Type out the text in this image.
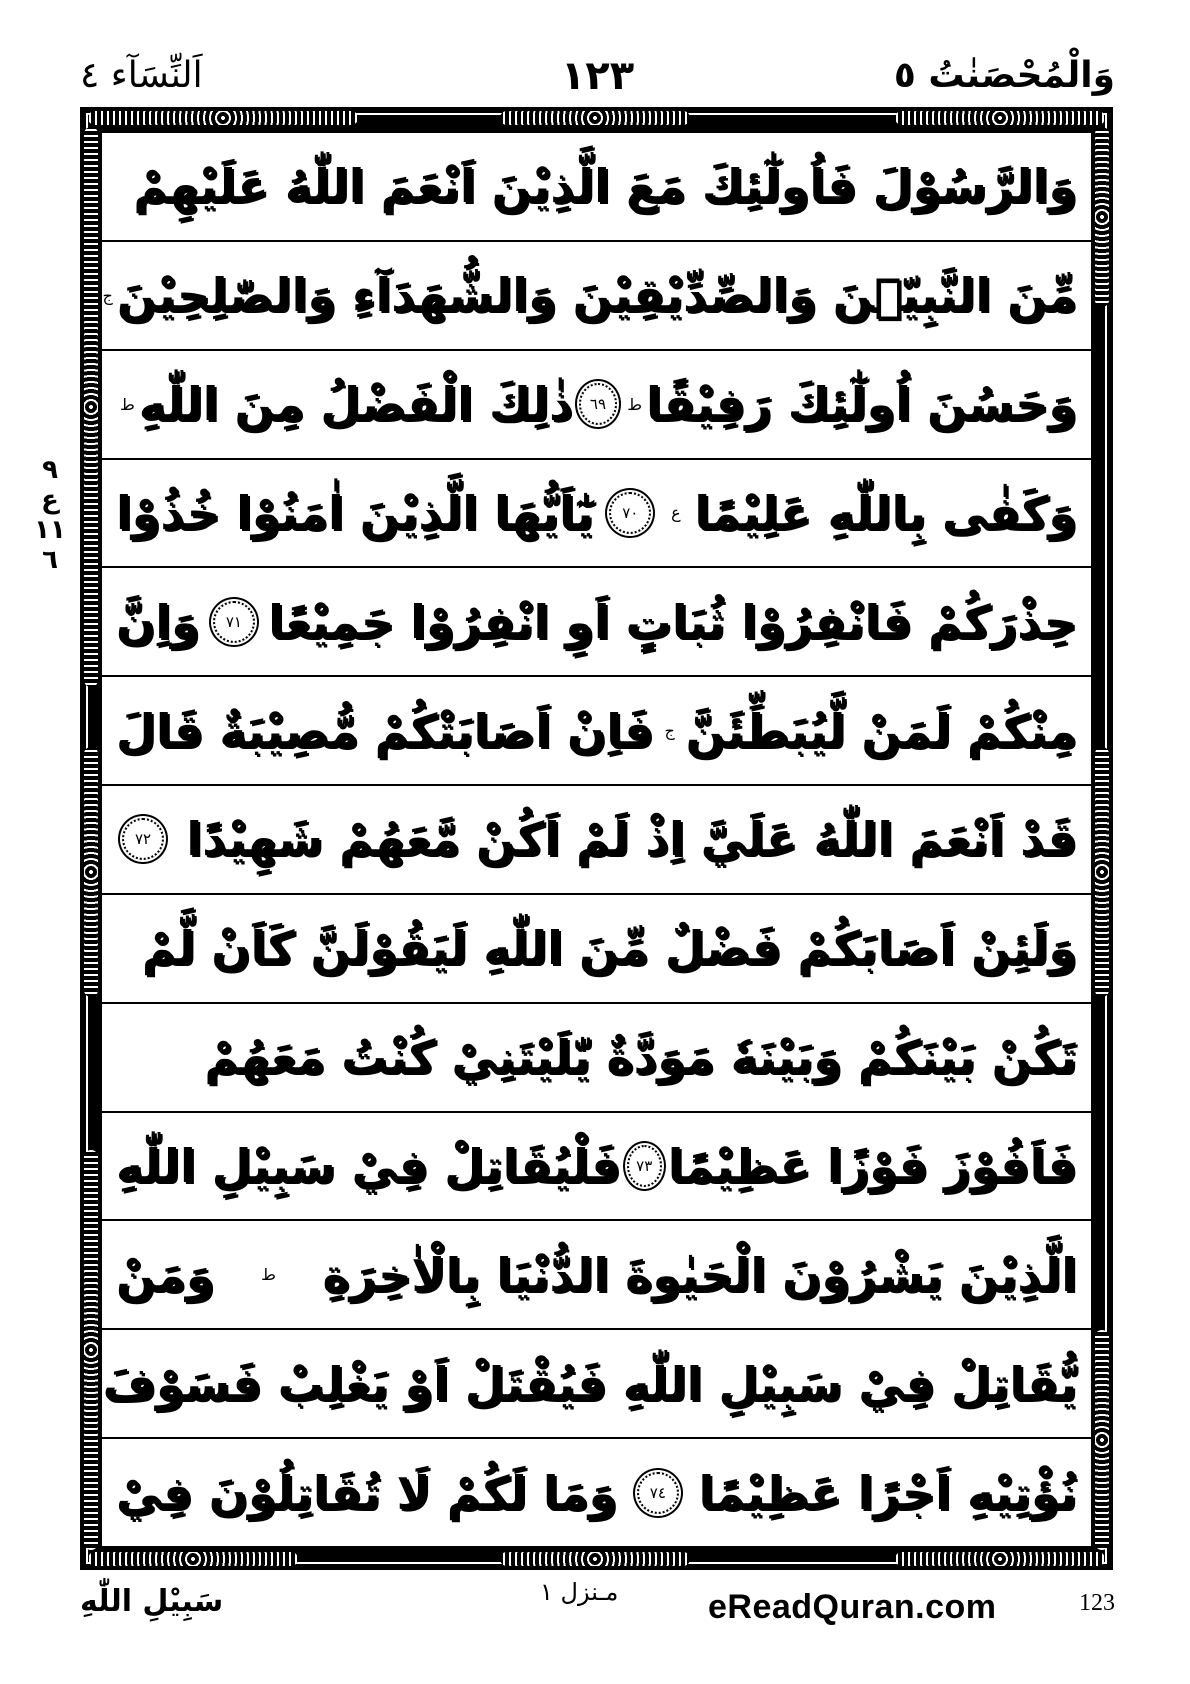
اَلنِّسَآء ٤	١٢٣	وَالْمُحْصَنٰتُ ٥
٩
ع
١١
٦
وَالرَّسُوْلَ فَاُولٰٓئِكَ مَعَ الَّذِيْنَ اَنْعَمَ اللّٰهُ عَلَيْهِمْ
مِّنَ النَّبِيّٖنَ وَالصِّدِّيْقِيْنَ وَالشُّهَدَآءِ وَالصّٰلِحِيْنَ
ج
وَحَسُنَ اُولٰٓئِكَ رَفِيْقًا
ط
٦٩
ذٰلِكَ الْفَضْلُ مِنَ اللّٰهِ
ط
وَكَفٰى بِاللّٰهِ عَلِيْمًا
ع
٧٠
يٰٓاَيُّهَا الَّذِيْنَ اٰمَنُوْا خُذُوْا
حِذْرَكُمْ فَانْفِرُوْا ثُبَاتٍ اَوِ انْفِرُوْا جَمِيْعًا
٧١
وَاِنَّ
مِنْكُمْ لَمَنْ لَّيُبَطِّئَنَّ
ج
فَاِنْ اَصَابَتْكُمْ مُّصِيْبَةٌ قَالَ
قَدْ اَنْعَمَ اللّٰهُ عَلَيَّ اِذْ لَمْ اَكُنْ مَّعَهُمْ شَهِيْدًا
٧٢
وَلَئِنْ اَصَابَكُمْ فَضْلٌ مِّنَ اللّٰهِ لَيَقُوْلَنَّ كَاَنْ لَّمْ
تَكُنْ بَيْنَكُمْ وَبَيْنَهٗ مَوَدَّةٌ يّٰلَيْتَنِيْ كُنْتُ مَعَهُمْ
فَاَفُوْزَ فَوْزًا عَظِيْمًا
٧٣
فَلْيُقَاتِلْ فِيْ سَبِيْلِ اللّٰهِ
الَّذِيْنَ يَشْرُوْنَ الْحَيٰوةَ الدُّنْيَا بِالْاٰخِرَةِ
ط
وَمَنْ
يُّقَاتِلْ فِيْ سَبِيْلِ اللّٰهِ فَيُقْتَلْ اَوْ يَغْلِبْ فَسَوْفَ
نُؤْتِيْهِ اَجْرًا عَظِيْمًا
٧٤
وَمَا لَكُمْ لَا تُقَاتِلُوْنَ فِيْ
سَبِيْلِ اللّٰهِ	مـنزل ١	eReadQuran.com	123
